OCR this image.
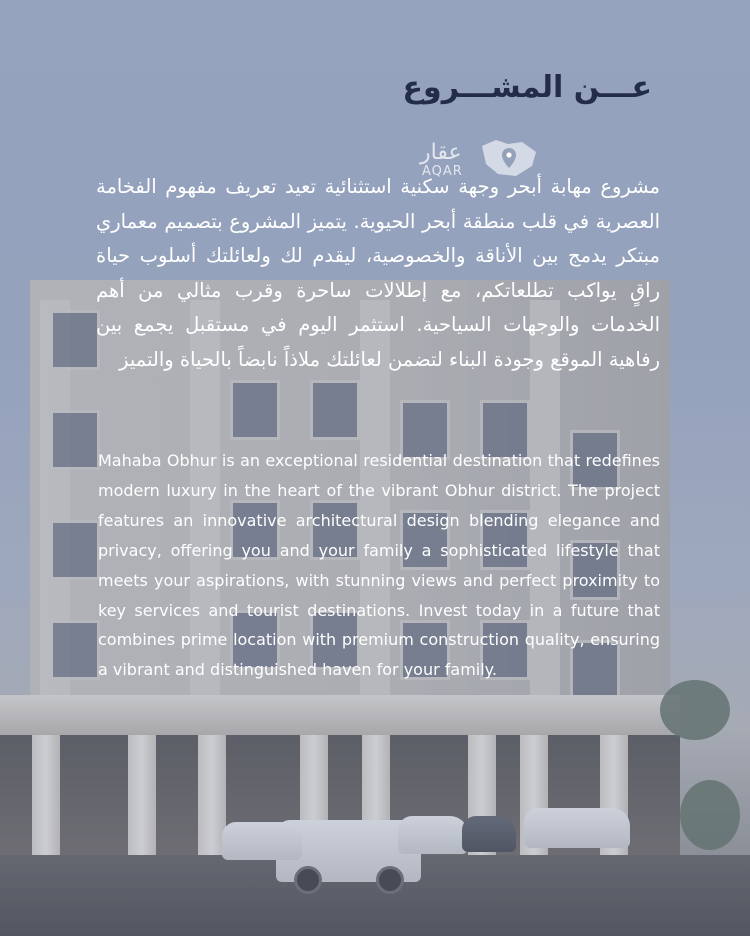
عـــن المشـــروع
عقار
AQAR

مشروع مهابة أبحر وجهة سكنية استثنائية تعيد تعريف مفهوم الفخامة العصرية في قلب منطقة أبحر الحيوية. يتميز المشروع بتصميم معماري مبتكر يدمج بين الأناقة والخصوصية، ليقدم لك ولعائلتك أسلوب حياة راقٍ يواكب تطلعاتكم، مع إطلالات ساحرة وقرب مثالي من أهم الخدمات والوجهات السياحية. استثمر اليوم في مستقبل يجمع بين رفاهية الموقع وجودة البناء لتضمن لعائلتك ملاذاً نابضاً بالحياة والتميز

Mahaba Obhur is an exceptional residential destination that redefines modern luxury in the heart of the vibrant Obhur district. The project features an innovative architectural design blending elegance and privacy, offering you and your family a sophisticated lifestyle that meets your aspirations, with stunning views and perfect proximity to key services and tourist destinations. Invest today in a future that combines prime location with premium construction quality, ensuring a vibrant and distinguished haven for your family.
